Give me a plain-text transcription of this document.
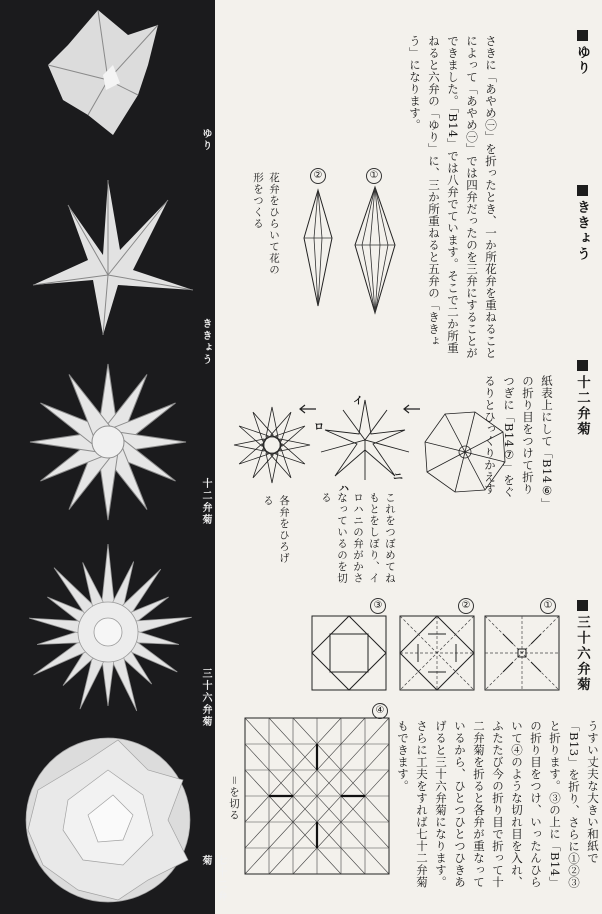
ゆり
ききょう
十二弁菊
三十六弁菊
七十二弁菊
ゆり
ききょう
十二弁菊
三十六弁菊

さきに「あやめ㊀」を折ったとき、一か所花弁を重ねることによって「あやめ㊀」では四弁だったのを三弁にすることができました。「B14」では八弁でています。そこで二か所重ねると六弁の「ゆり」に、三か所重ねると五弁の「ききょう」になります。

①
②
花弁をひらいて花の形をつくる

紙表上にして「B14⑥」の折り目をつけて折り　つぎに「B14⑦」をぐるりとひっくりかえす

イ
ロ
ハ
ニ
これをつぼめてねもとをしぼり、イロハニの弁がかさなっているのを切る
各弁をひろげる

うすい丈夫な大きい和紙で「B13」を折り、さらに①②③と折ります。③の上に「B14」の折り目をつけ、いったんひらいて④のような切れ目を入れ、ふたたび今の折り目で折って十二弁菊を折ると各弁が重なっているから、ひとつひとつひきあげると三十六弁菊になります。さらに工夫をすれば七十二弁菊もできます。

①
②
③
④
＝を切る
